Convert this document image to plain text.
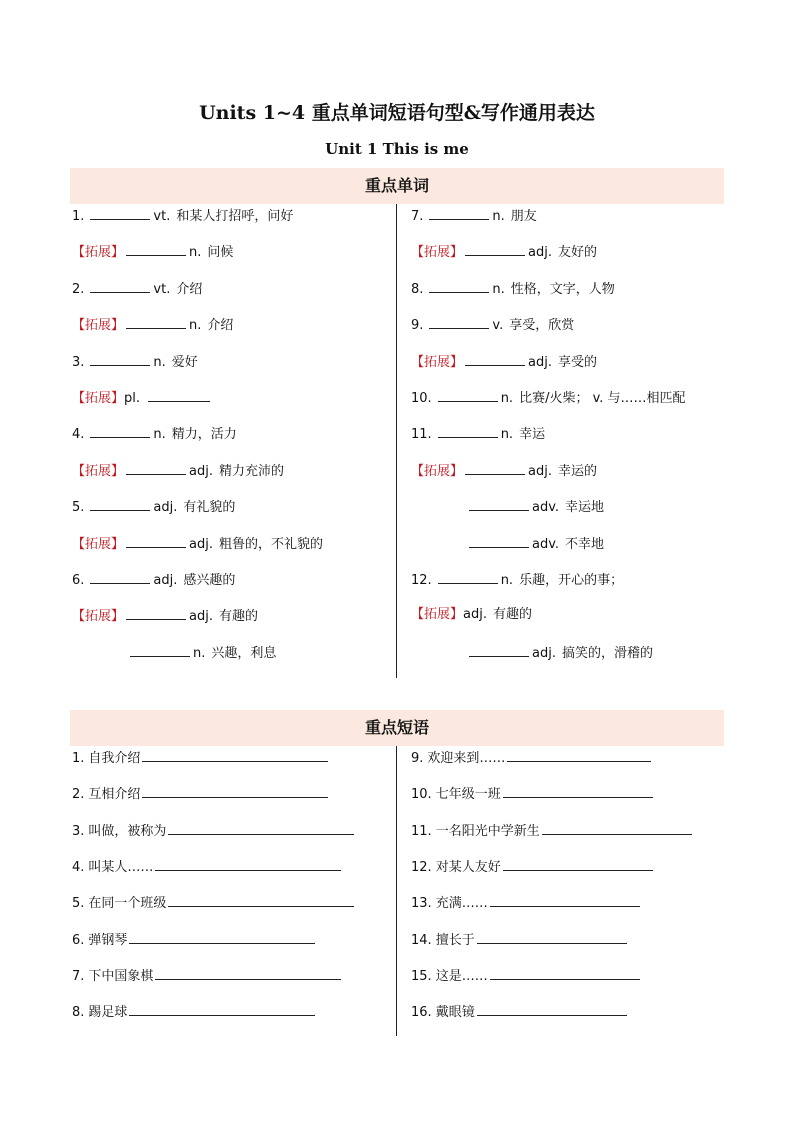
Units 1~4 重点单词短语句型&写作通用表达
Unit 1 This is me
重点单词
1.	vt. 和某人打招呼，问好
【拓展】	n. 问候
2.	vt. 介绍
【拓展】	n. 介绍
3.	n. 爱好
【拓展】pl.
4.	n. 精力，活力
【拓展】	adj. 精力充沛的
5.	adj. 有礼貌的
【拓展】	adj. 粗鲁的，不礼貌的
6.	adj. 感兴趣的
【拓展】	adj. 有趣的
n. 兴趣，利息
7.	n. 朋友
【拓展】	adj. 友好的
8.	n. 性格，文字，人物
9.	v. 享受，欣赏
【拓展】	adj. 享受的
10.	n. 比赛/火柴； v. 与……相匹配
11.	n. 幸运
【拓展】	adj. 幸运的
adv. 幸运地
adv. 不幸地
12.	n. 乐趣，开心的事；
【拓展】adj. 有趣的
adj. 搞笑的，滑稽的
重点短语
1. 自我介绍
2. 互相介绍
3. 叫做，被称为
4. 叫某人……
5. 在同一个班级
6. 弹钢琴
7. 下中国象棋
8. 踢足球
9. 欢迎来到……
10. 七年级一班
11. 一名阳光中学新生
12. 对某人友好
13. 充满……
14. 擅长于
15. 这是……
16. 戴眼镜
